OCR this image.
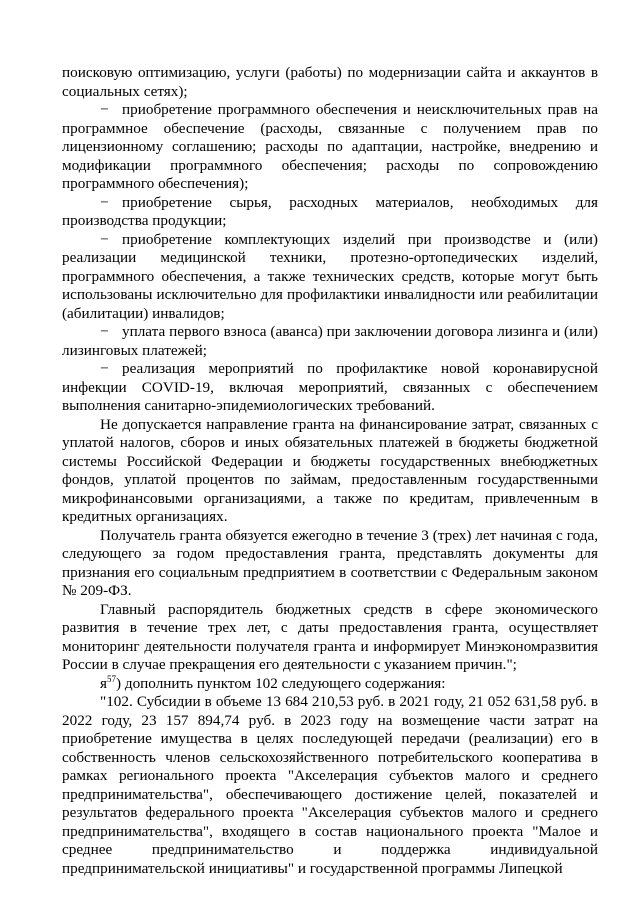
поисковую оптимизацию, услуги (работы) по модернизации сайта и аккаунтов в социальных сетях);

− приобретение программного обеспечения и неисключительных прав на программное обеспечение (расходы, связанные с получением прав по лицензионному соглашению; расходы по адаптации, настройке, внедрению и модификации программного обеспечения; расходы по сопровождению программного обеспечения);

− приобретение сырья, расходных материалов, необходимых для производства продукции;

− приобретение комплектующих изделий при производстве и (или) реализации медицинской техники, протезно-ортопедических изделий, программного обеспечения, а также технических средств, которые могут быть использованы исключительно для профилактики инвалидности или реабилитации (абилитации) инвалидов;

− уплата первого взноса (аванса) при заключении договора лизинга и (или) лизинговых платежей;

− реализация мероприятий по профилактике новой коронавирусной инфекции COVID-19, включая мероприятий, связанных с обеспечением выполнения санитарно-эпидемиологических требований.

Не допускается направление гранта на финансирование затрат, связанных с уплатой налогов, сборов и иных обязательных платежей в бюджеты бюджетной системы Российской Федерации и бюджеты государственных внебюджетных фондов, уплатой процентов по займам, предоставленным государственными микрофинансовыми организациями, а также по кредитам, привлеченным в кредитных организациях.

Получатель гранта обязуется ежегодно в течение 3 (трех) лет начиная с года, следующего за годом предоставления гранта, представлять документы для признания его социальным предприятием в соответствии с Федеральным законом № 209-ФЗ.

Главный распорядитель бюджетных средств в сфере экономического развития в течение трех лет, с даты предоставления гранта, осуществляет мониторинг деятельности получателя гранта и информирует Минэкономразвития России в случае прекращения его деятельности с указанием причин.";

$я^{57}$) дополнить пунктом 102 следующего содержания:

"102. Субсидии в объеме 13 684 210,53 руб. в 2021 году, 21 052 631,58 руб. в 2022 году, 23 157 894,74 руб. в 2023 году на возмещение части затрат на приобретение имущества в целях последующей передачи (реализации) его в собственность членов сельскохозяйственного потребительского кооператива в рамках регионального проекта "Акселерация субъектов малого и среднего предпринимательства", обеспечивающего достижение целей, показателей и результатов федерального проекта "Акселерация субъектов малого и среднего предпринимательства", входящего в состав национального проекта "Малое и среднее предпринимательство и поддержка индивидуальной предпринимательской инициативы" и государственной программы Липецкой
